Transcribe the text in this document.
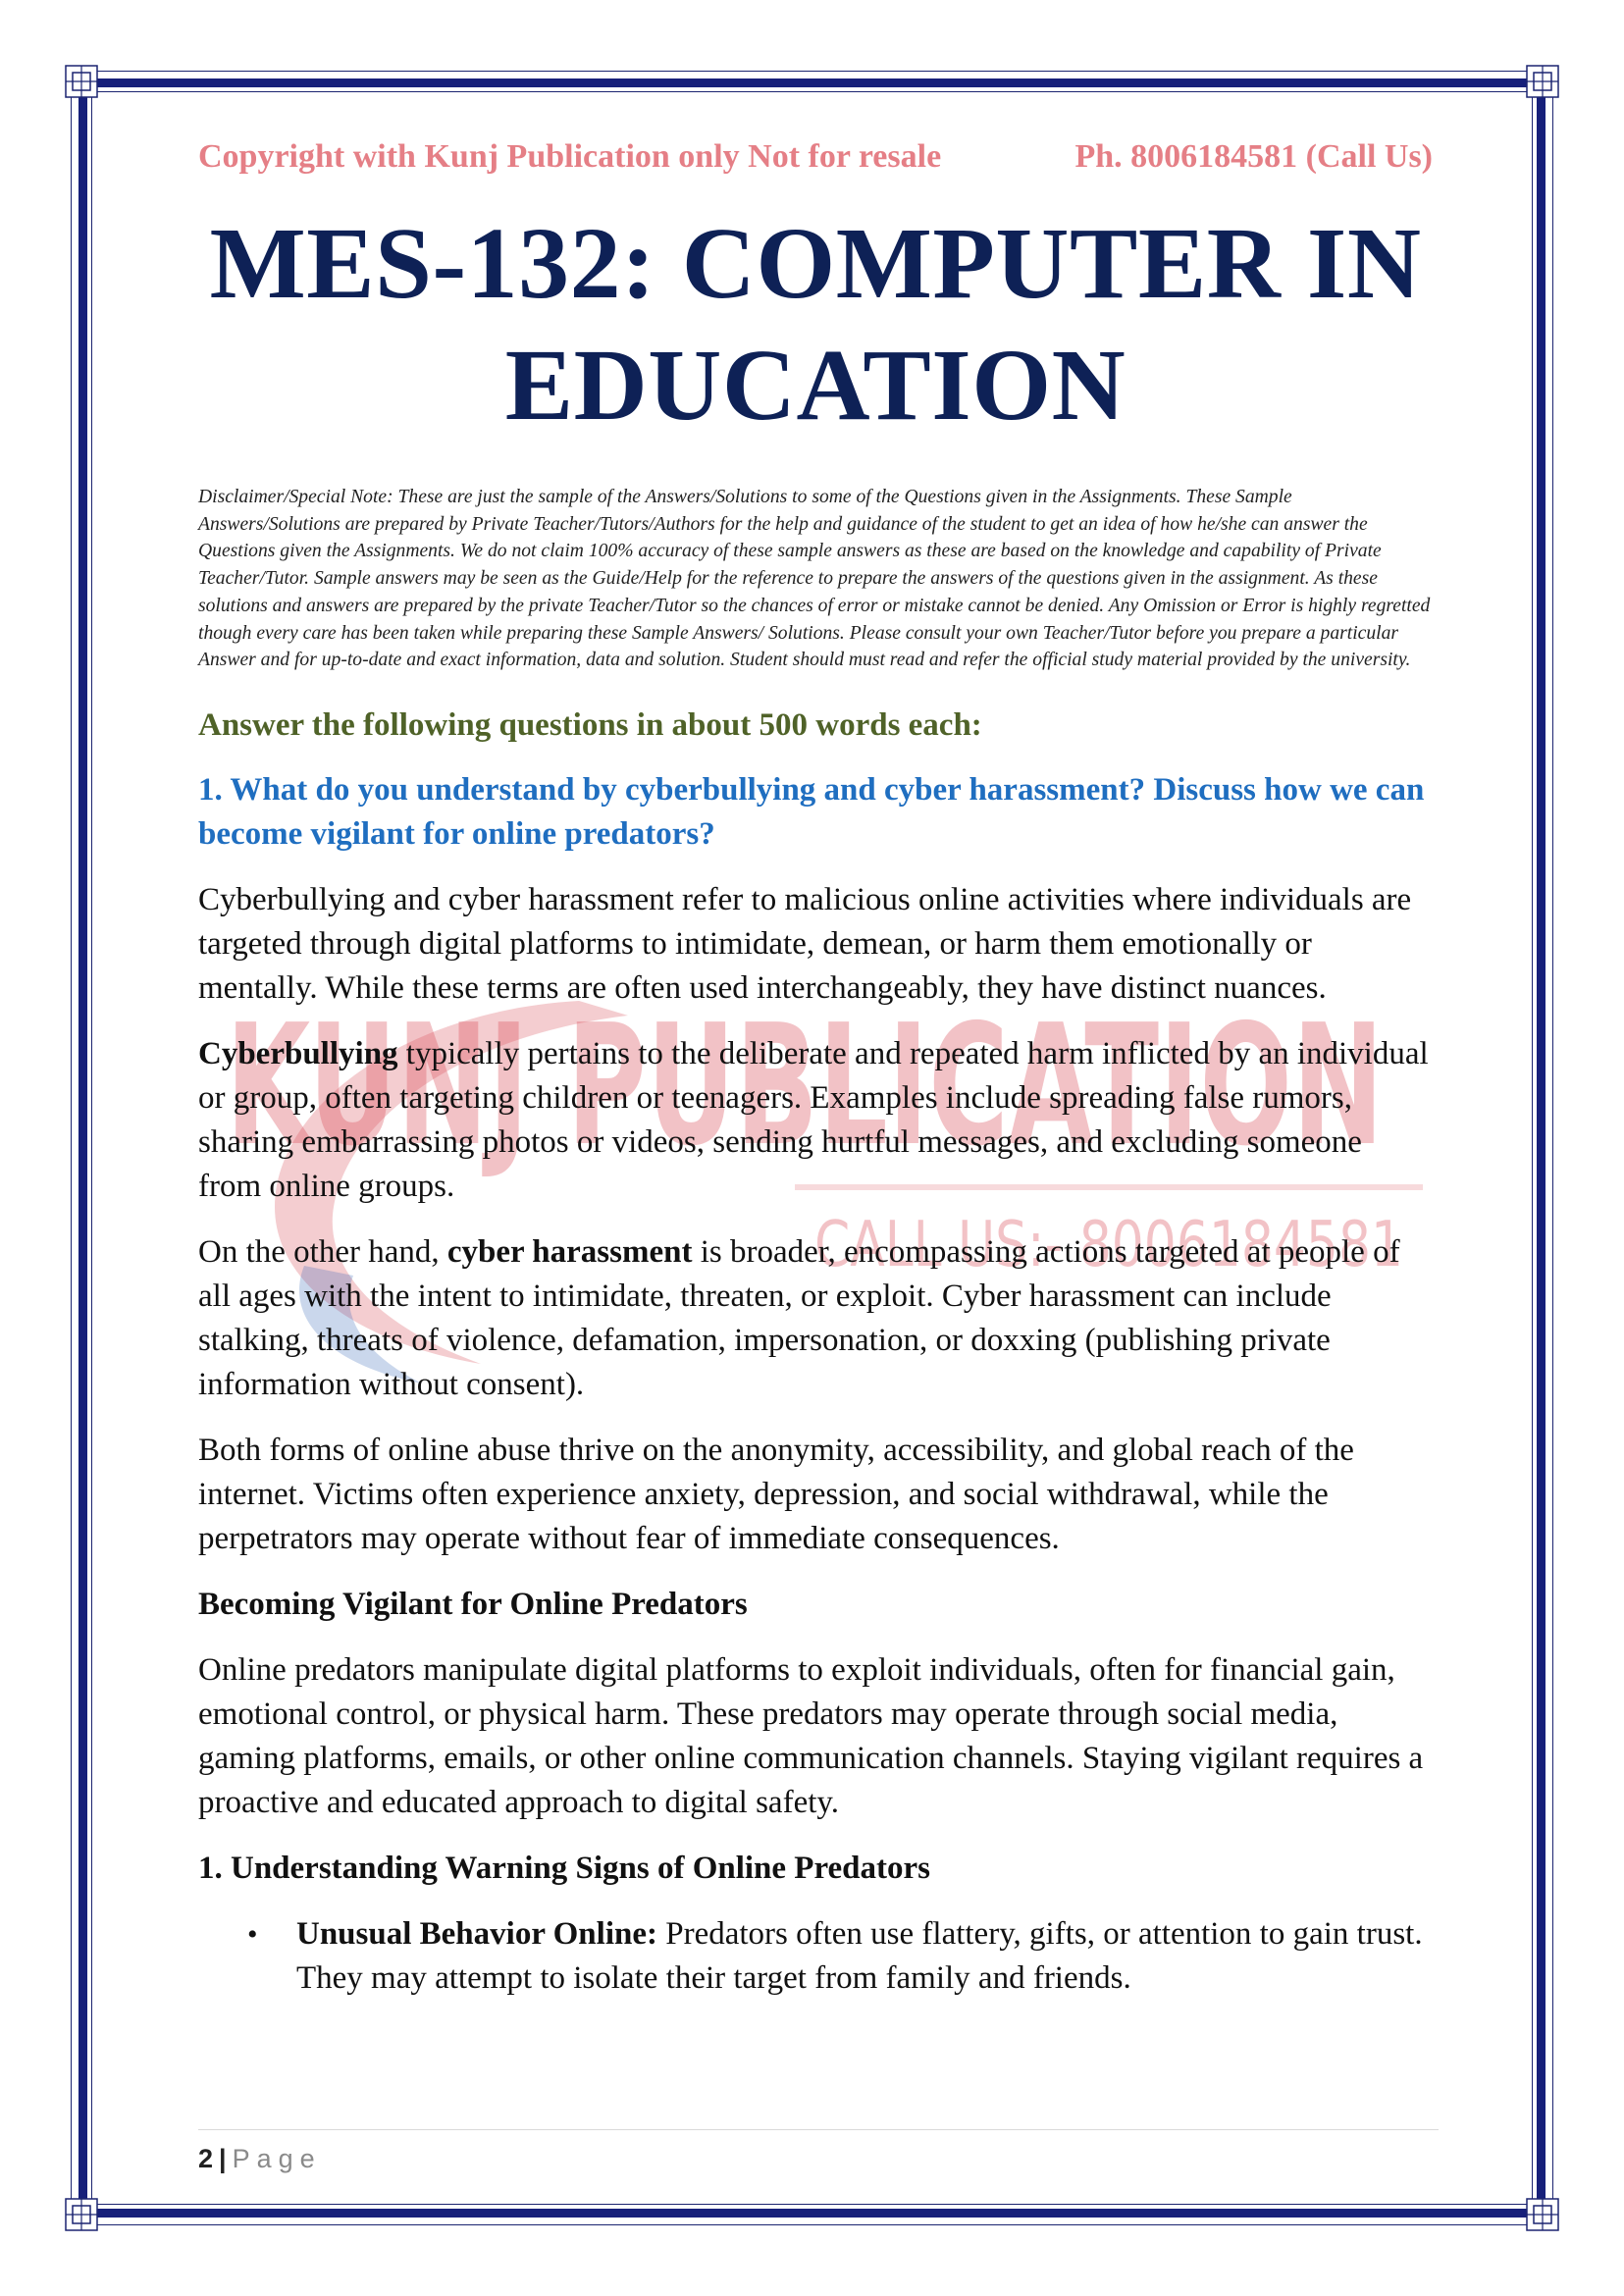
KUNJ PUBLICATION
CALL US:- 8006184581
Copyright with Kunj Publication only Not for resale	Ph. 8006184581 (Call Us)
MES-132: COMPUTER IN
EDUCATION
Disclaimer/Special Note: These are just the sample of the Answers/Solutions to some of the Questions given in the Assignments. These Sample Answers/Solutions are prepared by Private Teacher/Tutors/Authors for the help and guidance of the student to get an idea of how he/she can answer the Questions given the Assignments. We do not claim 100% accuracy of these sample answers as these are based on the knowledge and capability of Private Teacher/Tutor. Sample answers may be seen as the Guide/Help for the reference to prepare the answers of the questions given in the assignment. As these solutions and answers are prepared by the private Teacher/Tutor so the chances of error or mistake cannot be denied. Any Omission or Error is highly regretted though every care has been taken while preparing these Sample Answers/ Solutions. Please consult your own Teacher/Tutor before you prepare a particular Answer and for up-to-date and exact information, data and solution. Student should must read and refer the official study material provided by the university.
Answer the following questions in about 500 words each:
1. What do you understand by cyberbullying and cyber harassment? Discuss how we can become vigilant for online predators?

Cyberbullying and cyber harassment refer to malicious online activities where individuals are targeted through digital platforms to intimidate, demean, or harm them emotionally or mentally. While these terms are often used interchangeably, they have distinct nuances.

Cyberbullying typically pertains to the deliberate and repeated harm inflicted by an individual or group, often targeting children or teenagers. Examples include spreading false rumors, sharing embarrassing photos or videos, sending hurtful messages, and excluding someone from online groups.

On the other hand, cyber harassment is broader, encompassing actions targeted at people of all ages with the intent to intimidate, threaten, or exploit. Cyber harassment can include stalking, threats of violence, defamation, impersonation, or doxxing (publishing private information without consent).

Both forms of online abuse thrive on the anonymity, accessibility, and global reach of the internet. Victims often experience anxiety, depression, and social withdrawal, while the perpetrators may operate without fear of immediate consequences.

Becoming Vigilant for Online Predators

Online predators manipulate digital platforms to exploit individuals, often for financial gain, emotional control, or physical harm. These predators may operate through social media, gaming platforms, emails, or other online communication channels. Staying vigilant requires a proactive and educated approach to digital safety.

1. Understanding Warning Signs of Online Predators
• Unusual Behavior Online: Predators often use flattery, gifts, or attention to gain trust. They may attempt to isolate their target from family and friends.
2 | Page
